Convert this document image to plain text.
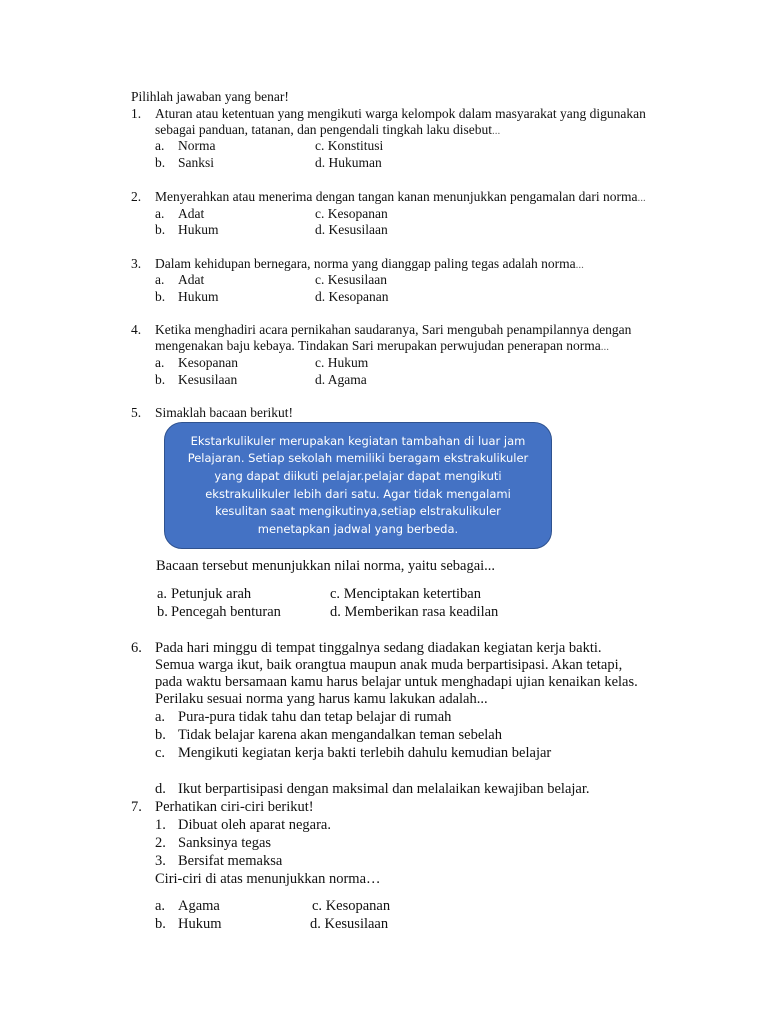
Pilihlah jawaban yang benar!
1. Aturan atau ketentuan yang mengikuti warga kelompok dalam masyarakat yang digunakan
sebagai panduan, tatanan, dan pengendali tingkah laku disebut...
a. Norma	c. Konstitusi
b. Sanksi	d. Hukuman
2. Menyerahkan atau menerima dengan tangan kanan menunjukkan pengamalan dari norma...
a. Adat	c. Kesopanan
b. Hukum	d. Kesusilaan
3. Dalam kehidupan bernegara, norma yang dianggap paling tegas adalah norma...
a. Adat	c. Kesusilaan
b. Hukum	d. Kesopanan
4. Ketika menghadiri acara pernikahan saudaranya, Sari mengubah penampilannya dengan
mengenakan baju kebaya. Tindakan Sari merupakan perwujudan penerapan norma...
a. Kesopanan	c. Hukum
b. Kesusilaan	d. Agama
5. Simaklah bacaan berikut!
Ekstarkulikuler merupakan kegiatan tambahan di luar jam
Pelajaran. Setiap sekolah memiliki beragam ekstrakulikuler
yang dapat diikuti pelajar.pelajar dapat mengikuti
ekstrakulikuler lebih dari satu. Agar tidak mengalami
kesulitan saat mengikutinya,setiap elstrakulikuler
menetapkan jadwal yang berbeda.
Bacaan tersebut menunjukkan nilai norma, yaitu sebagai...
a. Petunjuk arah	c. Menciptakan ketertiban
b. Pencegah benturan	d. Memberikan rasa keadilan
6. Pada hari minggu di tempat tinggalnya sedang diadakan kegiatan kerja bakti.
Semua warga ikut, baik orangtua maupun anak muda berpartisipasi. Akan tetapi,
pada waktu bersamaan kamu harus belajar untuk menghadapi ujian kenaikan kelas.
Perilaku sesuai norma yang harus kamu lakukan adalah...
a. Pura-pura tidak tahu dan tetap belajar di rumah
b. Tidak belajar karena akan mengandalkan teman sebelah
c. Mengikuti kegiatan kerja bakti terlebih dahulu kemudian belajar
d. Ikut berpartisipasi dengan maksimal dan melalaikan kewajiban belajar.
7. Perhatikan ciri-ciri berikut!
1. Dibuat oleh aparat negara.
2. Sanksinya tegas
3. Bersifat memaksa
Ciri-ciri di atas menunjukkan norma…
a. Agama	c. Kesopanan
b. Hukum	d. Kesusilaan
